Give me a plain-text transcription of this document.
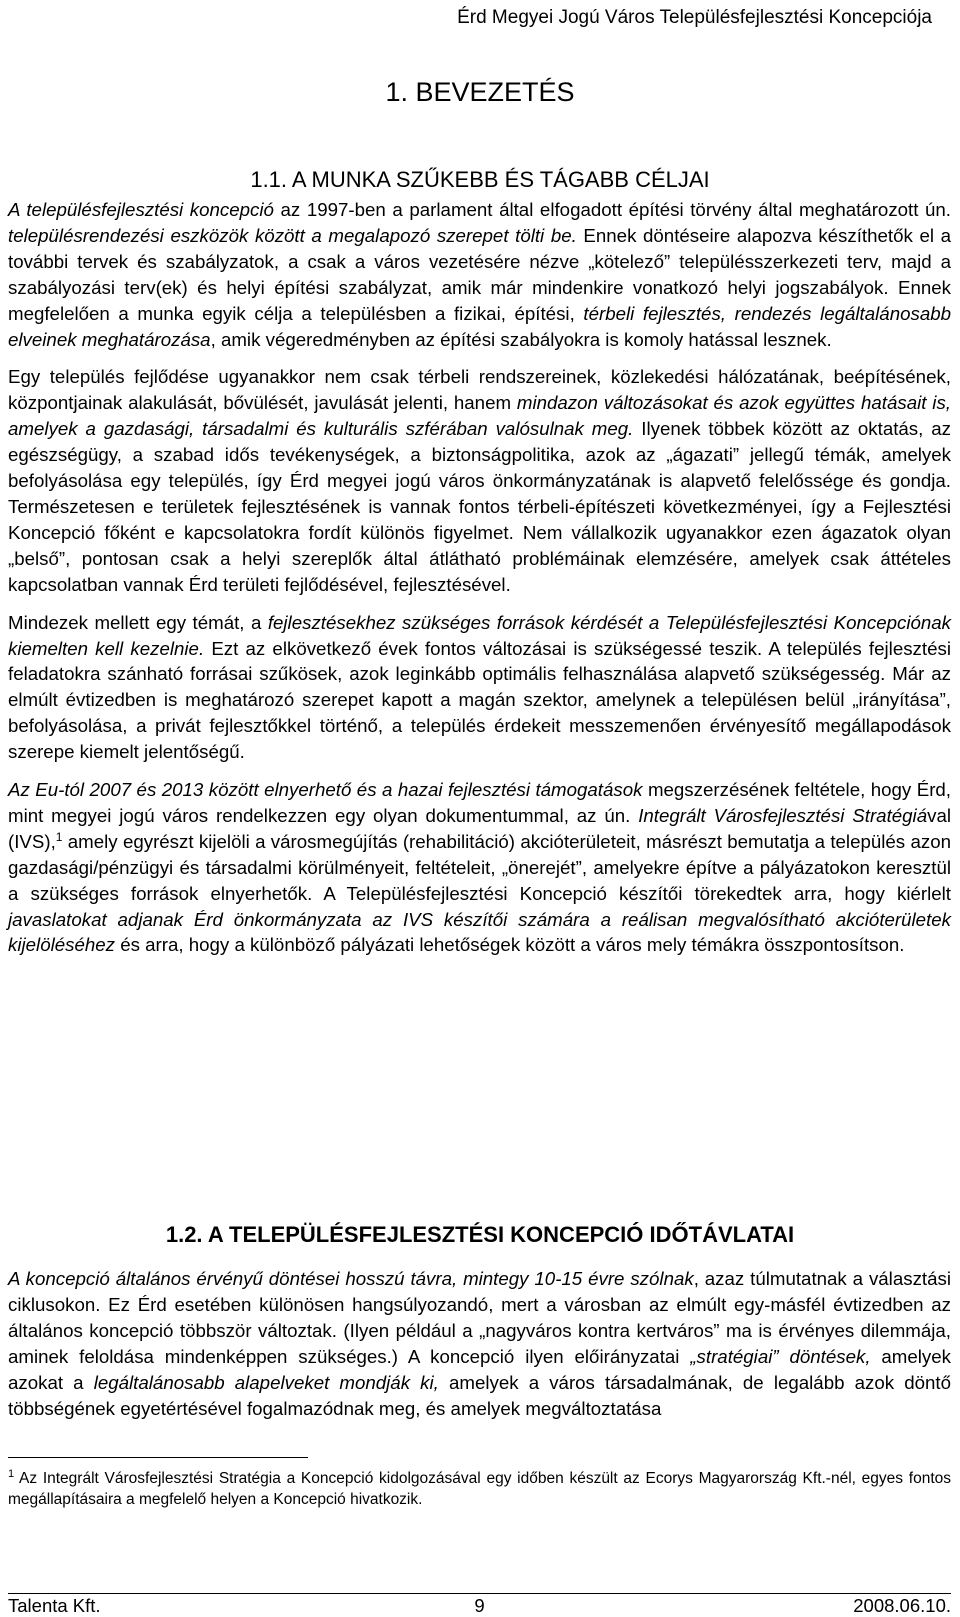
Érd Megyei Jogú Város Településfejlesztési Koncepciója
1. BEVEZETÉS
1.1. A MUNKA SZŰKEBB ÉS TÁGABB CÉLJAI

A településfejlesztési koncepció az 1997-ben a parlament által elfogadott építési törvény által meghatározott ún. településrendezési eszközök között a megalapozó szerepet tölti be. Ennek döntéseire alapozva készíthetők el a további tervek és szabályzatok, a csak a város vezetésére nézve „kötelező” településszerkezeti terv, majd a szabályozási terv(ek) és helyi építési szabályzat, amik már mindenkire vonatkozó helyi jogszabályok. Ennek megfelelően a munka egyik célja a településben a fizikai, építési, térbeli fejlesztés, rendezés legáltalánosabb elveinek meghatározása, amik végeredményben az építési szabályokra is komoly hatással lesznek.

Egy település fejlődése ugyanakkor nem csak térbeli rendszereinek, közlekedési hálózatának, beépítésének, központjainak alakulását, bővülését, javulását jelenti, hanem mindazon változásokat és azok együttes hatásait is, amelyek a gazdasági, társadalmi és kulturális szférában valósulnak meg. Ilyenek többek között az oktatás, az egészségügy, a szabad idős tevékenységek, a biztonságpolitika, azok az „ágazati” jellegű témák, amelyek befolyásolása egy település, így Érd megyei jogú város önkormányzatának is alapvető felelőssége és gondja. Természetesen e területek fejlesztésének is vannak fontos térbeli-építészeti következményei, így a Fejlesztési Koncepció főként e kapcsolatokra fordít különös figyelmet. Nem vállalkozik ugyanakkor ezen ágazatok olyan „belső”, pontosan csak a helyi szereplők által átlátható problémáinak elemzésére, amelyek csak áttételes kapcsolatban vannak Érd területi fejlődésével, fejlesztésével.

Mindezek mellett egy témát, a fejlesztésekhez szükséges források kérdését a Településfejlesztési Koncepciónak kiemelten kell kezelnie. Ezt az elkövetkező évek fontos változásai is szükségessé teszik. A település fejlesztési feladatokra szánható forrásai szűkösek, azok leginkább optimális felhasználása alapvető szükségesség. Már az elmúlt évtizedben is meghatározó szerepet kapott a magán szektor, amelynek a településen belül „irányítása”, befolyásolása, a privát fejlesztőkkel történő, a település érdekeit messzemenően érvényesítő megállapodások szerepe kiemelt jelentőségű.

Az Eu-tól 2007 és 2013 között elnyerhető és a hazai fejlesztési támogatások megszerzésének feltétele, hogy Érd, mint megyei jogú város rendelkezzen egy olyan dokumentummal, az ún. Integrált Városfejlesztési Stratégiával (IVS),$^1$ amely egyrészt kijelöli a városmegújítás (rehabilitáció) akcióterületeit, másrészt bemutatja a település azon gazdasági/pénzügyi és társadalmi körülményeit, feltételeit, „önerejét”, amelyekre építve a pályázatokon keresztül a szükséges források elnyerhetők. A Településfejlesztési Koncepció készítői törekedtek arra, hogy kiérlelt javaslatokat adjanak Érd önkormányzata az IVS készítői számára a reálisan megvalósítható akcióterületek kijelöléséhez és arra, hogy a különböző pályázati lehetőségek között a város mely témákra összpontosítson.

1.2. A TELEPÜLÉSFEJLESZTÉSI KONCEPCIÓ IDŐTÁVLATAI

A koncepció általános érvényű döntései hosszú távra, mintegy 10-15 évre szólnak, azaz túlmutatnak a választási ciklusokon. Ez Érd esetében különösen hangsúlyozandó, mert a városban az elmúlt egy-másfél évtizedben az általános koncepció többször változtak. (Ilyen például a „nagyváros kontra kertváros” ma is érvényes dilemmája, aminek feloldása mindenképpen szükséges.) A koncepció ilyen előirányzatai „stratégiai” döntések, amelyek azokat a legáltalánosabb alapelveket mondják ki, amelyek a város társadalmának, de legalább azok döntő többségének egyetértésével fogalmazódnak meg, és amelyek megváltoztatása

$^1$ Az Integrált Városfejlesztési Stratégia a Koncepció kidolgozásával egy időben készült az Ecorys Magyarország Kft.-nél, egyes fontos megállapításaira a megfelelő helyen a Koncepció hivatkozik.
Talenta Kft.	9	2008.06.10.
